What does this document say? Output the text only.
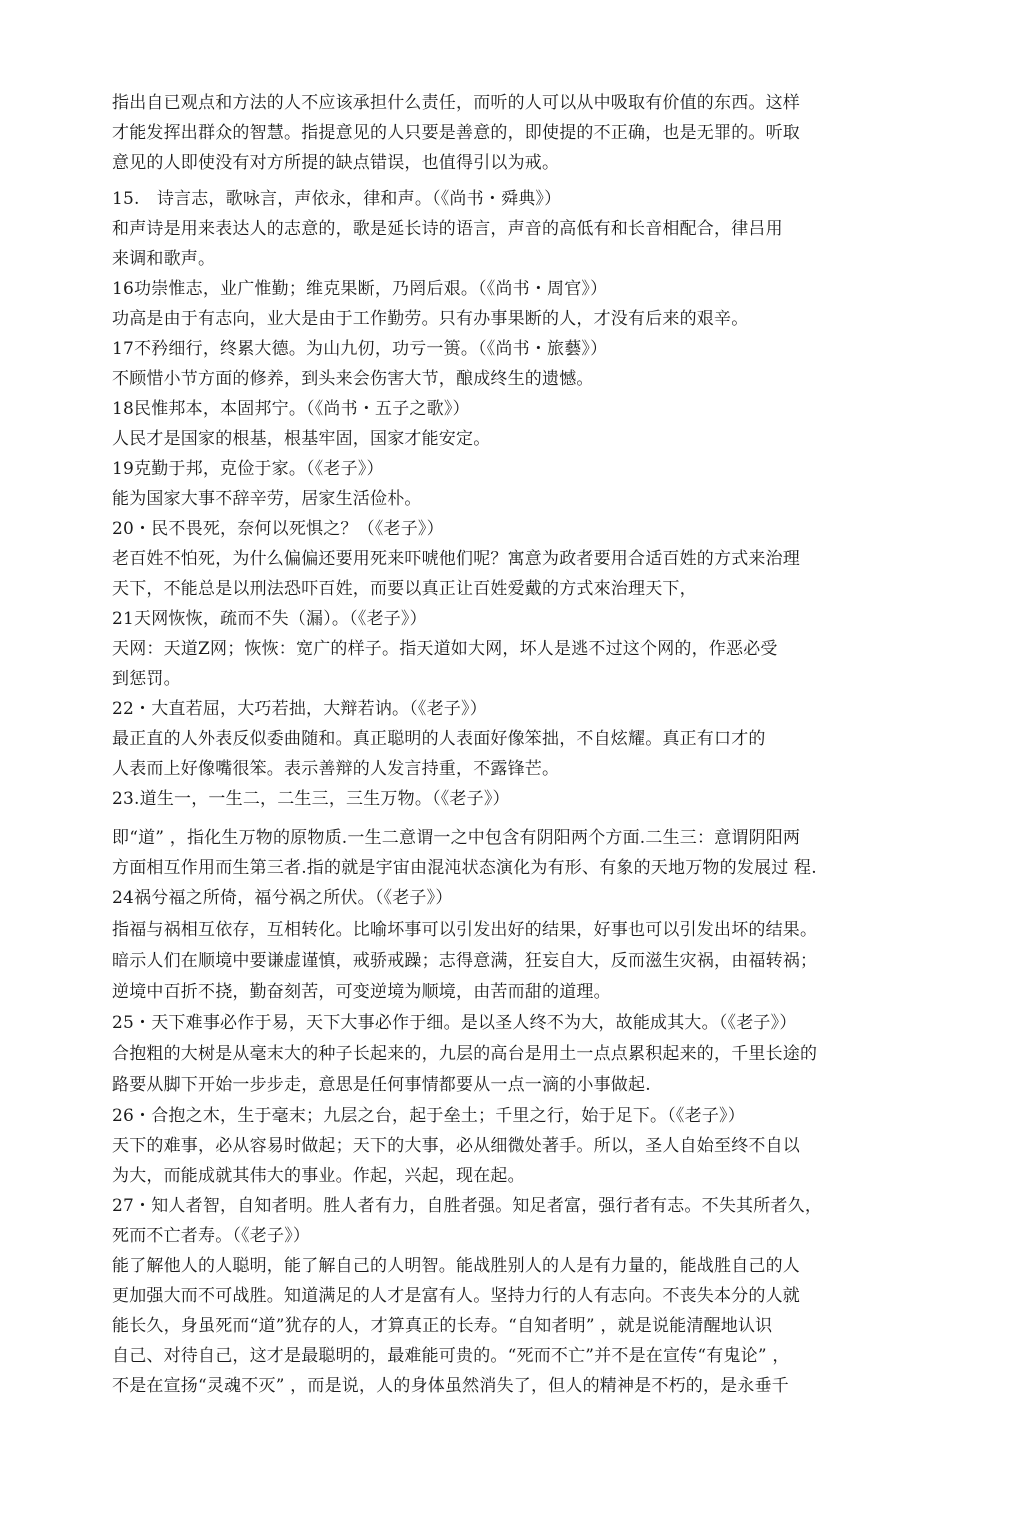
指出自已观点和方法的人不应该承担什么责任，而听的人可以从中吸取有价值的东西。这样
才能发挥出群众的智慧。指提意见的人只要是善意的，即使提的不正确，也是无罪的。听取
意见的人即使没有对方所提的缺点错误，也值得引以为戒。
15.　诗言志，歌咏言，声依永，律和声。（《尚书・舜典》）
和声诗是用来表达人的志意的，歌是延长诗的语言，声音的高低有和长音相配合，律吕用
来调和歌声。
16功崇惟志，业广惟勤；维克果断，乃罔后艰。（《尚书・周官》）
功高是由于有志向，业大是由于工作勤劳。只有办事果断的人，才没有后来的艰辛。
17不矜细行，终累大德。为山九仞，功亏一篑。（《尚书・旅藝》）
不顾惜小节方面的修养，到头来会伤害大节，酿成终生的遗憾。
18民惟邦本，本固邦宁。（《尚书・五子之歌》）
人民才是国家的根基，根基牢固，国家才能安定。
19克勤于邦，克俭于家。（《老子》）
能为国家大事不辞辛劳，居家生活俭朴。
20・民不畏死，奈何以死惧之？（《老子》）
老百姓不怕死，为什么偏偏还要用死来吓唬他们呢？寓意为政者要用合适百姓的方式来治理
天下，不能总是以刑法恐吓百姓，而要以真正让百姓爱戴的方式來治理天下，
21天网恢恢，疏而不失（漏）。（《老子》）
天网：天道Z网；恢恢：宽广的样子。指天道如大网，坏人是逃不过这个网的，作恶必受
到惩罚。
22・大直若屈，大巧若拙，大辩若讷。（《老子》）
最正直的人外表反似委曲随和。真正聪明的人表面好像笨拙，不自炫耀。真正有口才的
人表而上好像嘴很笨。表示善辩的人发言持重，不露锋芒。
23.道生一，一生二，二生三，三生万物。（《老子》）
即“道” ，指化生万物的原物质.一生二意谓一之中包含有阴阳两个方面.二生三：意谓阴阳两
方面相互作用而生第三者.指的就是宇宙由混沌状态演化为有形、有象的天地万物的发展过 程.
24祸兮福之所倚，福兮祸之所伏。（《老子》）
指福与祸相互依存，互相转化。比喻坏事可以引发出好的结果，好事也可以引发出坏的结果。
暗示人们在顺境中要谦虚谨慎，戒骄戒躁；志得意满，狂妄自大，反而滋生灾祸，由福转祸；
逆境中百折不挠，勤奋刻苦，可变逆境为顺境，由苦而甜的道理。
25・天下难事必作于易，天下大事必作于细。是以圣人终不为大，故能成其大。（《老子》）
合抱粗的大树是从毫末大的种子长起来的，九层的高台是用土一点点累积起来的，千里长途的
路要从脚下开始一步步走，意思是任何事情都要从一点一滴的小事做起.
26・合抱之木，生于毫末；九层之台，起于垒土；千里之行，始于足下。（《老子》）
天下的难事，必从容易时做起；天下的大事，必从细微处著手。所以，圣人自始至终不自以
为大，而能成就其伟大的事业。作起，兴起，现在起。
27・知人者智，自知者明。胜人者有力，自胜者强。知足者富，强行者有志。不失其所者久，
死而不亡者寿。（《老子》）
能了解他人的人聪明，能了解自己的人明智。能战胜别人的人是有力量的，能战胜自己的人
更加强大而不可战胜。知道满足的人才是富有人。坚持力行的人有志向。不丧失本分的人就
能长久，身虽死而“道”犹存的人，才算真正的长寿。“自知者明” ，就是说能清醒地认识
自己、对待自己，这才是最聪明的，最难能可贵的。“死而不亡”并不是在宣传“有鬼论” ，
不是在宣扬“灵魂不灭” ，而是说，人的身体虽然消失了，但人的精神是不朽的，是永垂千
